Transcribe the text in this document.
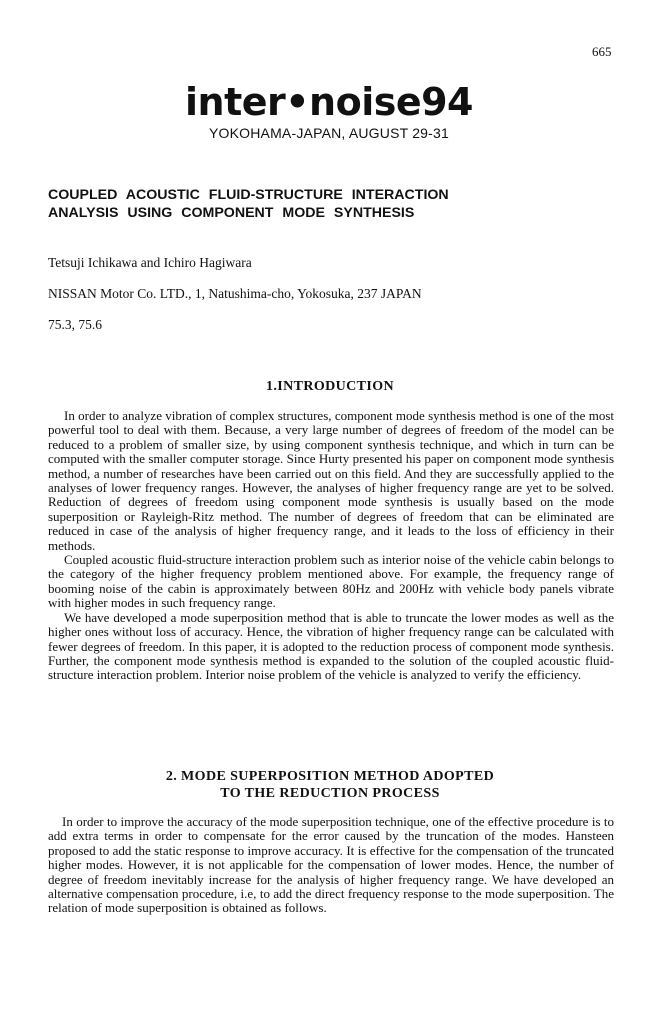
665
inter•noise94
YOKOHAMA-JAPAN, AUGUST 29-31
COUPLED ACOUSTIC FLUID-STRUCTURE INTERACTION
ANALYSIS USING COMPONENT MODE SYNTHESIS
Tetsuji Ichikawa and Ichiro Hagiwara
NISSAN Motor Co. LTD., 1, Natushima-cho, Yokosuka, 237 JAPAN
75.3, 75.6
1.INTRODUCTION

In order to analyze vibration of complex structures, component mode synthesis method is one of the most powerful tool to deal with them. Because, a very large number of degrees of freedom of the model can be reduced to a problem of smaller size, by using component synthesis technique, and which in turn can be computed with the smaller computer storage. Since Hurty presented his paper on component mode synthesis method, a number of researches have been carried out on this field. And they are successfully applied to the analyses of lower frequency ranges. However, the analyses of higher frequency range are yet to be solved. Reduction of degrees of freedom using component mode synthesis is usually based on the mode superposition or Rayleigh-Ritz method. The number of degrees of freedom that can be eliminated are reduced in case of the analysis of higher frequency range, and it leads to the loss of efficiency in their methods.

Coupled acoustic fluid-structure interaction problem such as interior noise of the vehicle cabin belongs to the category of the higher frequency problem mentioned above. For example, the frequency range of booming noise of the cabin is approximately between 80Hz and 200Hz with vehicle body panels vibrate with higher modes in such frequency range.

We have developed a mode superposition method that is able to truncate the lower modes as well as the higher ones without loss of accuracy. Hence, the vibration of higher frequency range can be calculated with fewer degrees of freedom. In this paper, it is adopted to the reduction process of component mode synthesis. Further, the component mode synthesis method is expanded to the solution of the coupled acoustic fluid-structure interaction problem. Interior noise problem of the vehicle is analyzed to verify the efficiency.

2. MODE SUPERPOSITION METHOD ADOPTED
TO THE REDUCTION PROCESS

In order to improve the accuracy of the mode superposition technique, one of the effective procedure is to add extra terms in order to compensate for the error caused by the truncation of the modes. Hansteen proposed to add the static response to improve accuracy. It is effective for the compensation of the truncated higher modes. However, it is not applicable for the compensation of lower modes. Hence, the number of degree of freedom inevitably increase for the analysis of higher frequency range. We have developed an alternative compensation procedure, i.e, to add the direct frequency response to the mode superposition. The relation of mode superposition is obtained as follows.
